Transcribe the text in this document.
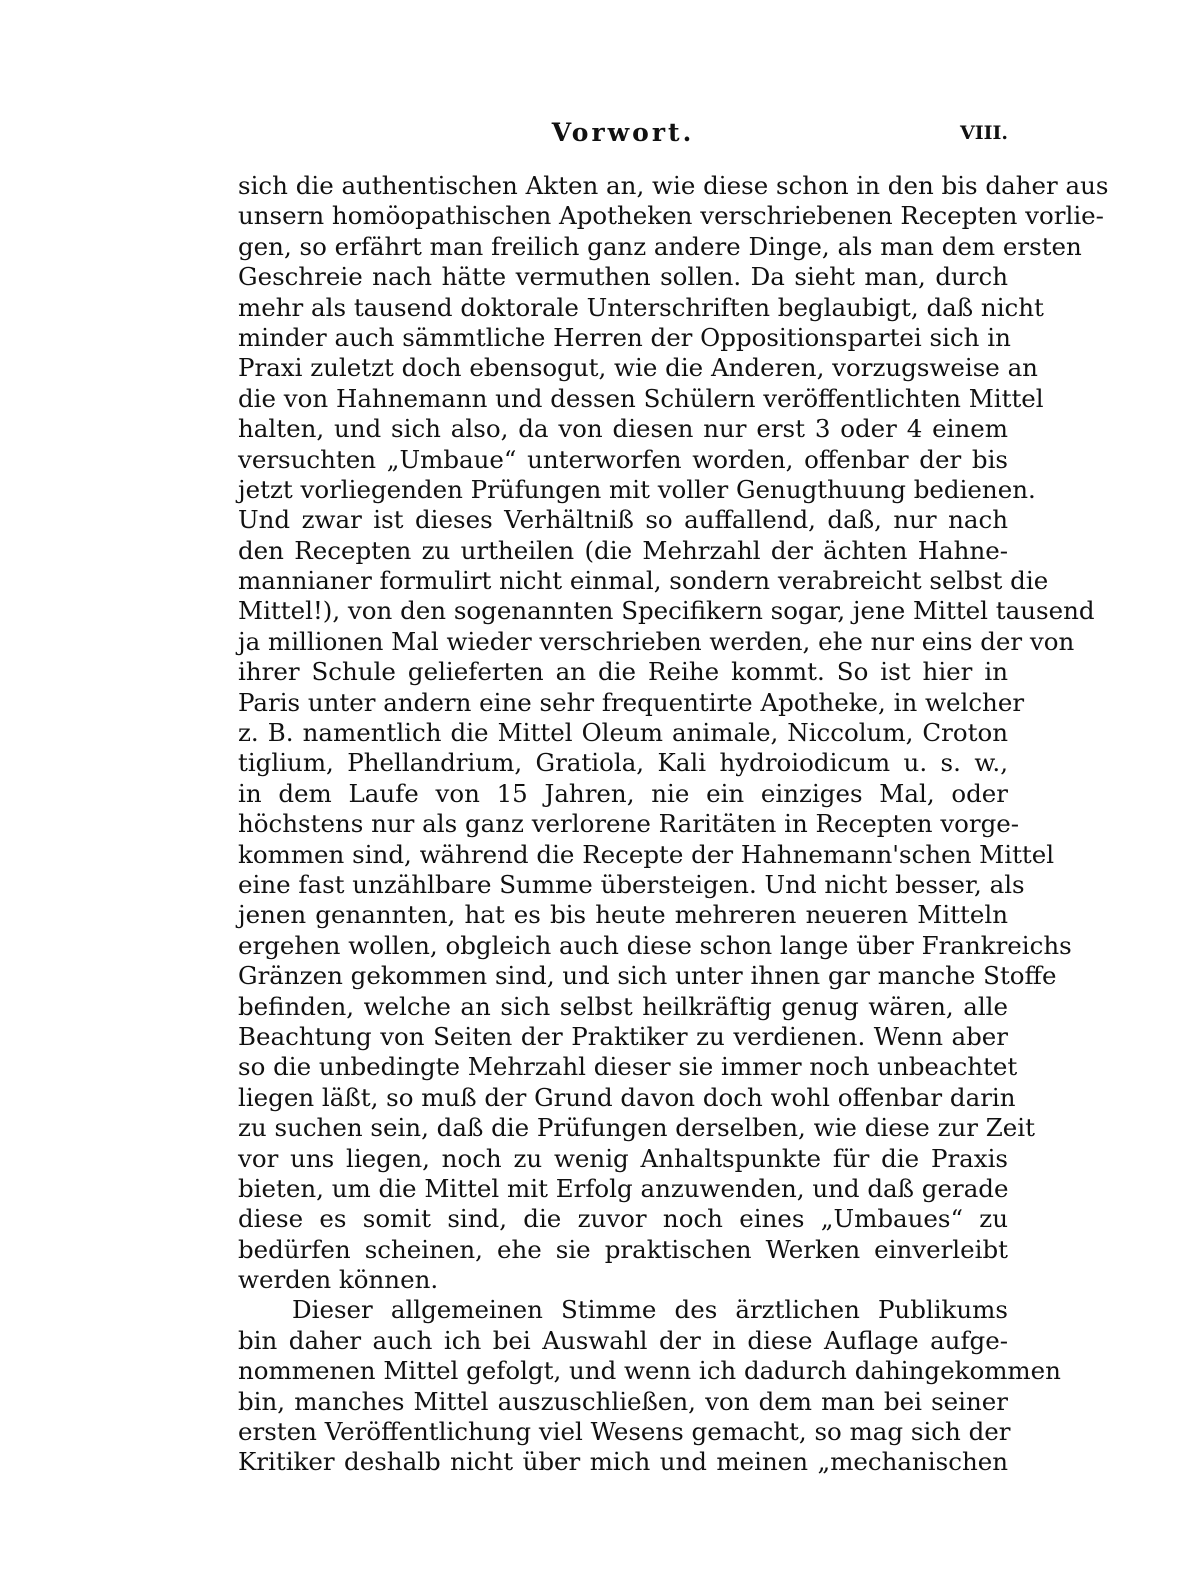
Vorwort.	VIII.
sich die authentischen Akten an, wie diese schon in den bis daher aus
unsern homöopathischen Apotheken verschriebenen Recepten vorlie-
gen, so erfährt man freilich ganz andere Dinge, als man dem ersten
Geschreie nach hätte vermuthen sollen. Da sieht man, durch
mehr als tausend doktorale Unterschriften beglaubigt, daß nicht
minder auch sämmtliche Herren der Oppositionspartei sich in
Praxi zuletzt doch ebensogut, wie die Anderen, vorzugsweise an
die von Hahnemann und dessen Schülern veröffentlichten Mittel
halten, und sich also, da von diesen nur erst 3 oder 4 einem
versuchten „Umbaue“ unterworfen worden, offenbar der bis
jetzt vorliegenden Prüfungen mit voller Genugthuung bedienen.
Und zwar ist dieses Verhältniß so auffallend, daß, nur nach
den Recepten zu urtheilen (die Mehrzahl der ächten Hahne-
mannianer formulirt nicht einmal, sondern verabreicht selbst die
Mittel!), von den sogenannten Specifikern sogar, jene Mittel tausend
ja millionen Mal wieder verschrieben werden, ehe nur eins der von
ihrer Schule gelieferten an die Reihe kommt. So ist hier in
Paris unter andern eine sehr frequentirte Apotheke, in welcher
z. B. namentlich die Mittel Oleum animale, Niccolum, Croton
tiglium, Phellandrium, Gratiola, Kali hydroiodicum u. s. w.,
in dem Laufe von 15 Jahren, nie ein einziges Mal, oder
höchstens nur als ganz verlorene Raritäten in Recepten vorge-
kommen sind, während die Recepte der Hahnemann'schen Mittel
eine fast unzählbare Summe übersteigen. Und nicht besser, als
jenen genannten, hat es bis heute mehreren neueren Mitteln
ergehen wollen, obgleich auch diese schon lange über Frankreichs
Gränzen gekommen sind, und sich unter ihnen gar manche Stoffe
befinden, welche an sich selbst heilkräftig genug wären, alle
Beachtung von Seiten der Praktiker zu verdienen. Wenn aber
so die unbedingte Mehrzahl dieser sie immer noch unbeachtet
liegen läßt, so muß der Grund davon doch wohl offenbar darin
zu suchen sein, daß die Prüfungen derselben, wie diese zur Zeit
vor uns liegen, noch zu wenig Anhaltspunkte für die Praxis
bieten, um die Mittel mit Erfolg anzuwenden, und daß gerade
diese es somit sind, die zuvor noch eines „Umbaues“ zu
bedürfen scheinen, ehe sie praktischen Werken einverleibt
werden können.
Dieser allgemeinen Stimme des ärztlichen Publikums
bin daher auch ich bei Auswahl der in diese Auflage aufge-
nommenen Mittel gefolgt, und wenn ich dadurch dahingekommen
bin, manches Mittel auszuschließen, von dem man bei seiner
ersten Veröffentlichung viel Wesens gemacht, so mag sich der
Kritiker deshalb nicht über mich und meinen „mechanischen
